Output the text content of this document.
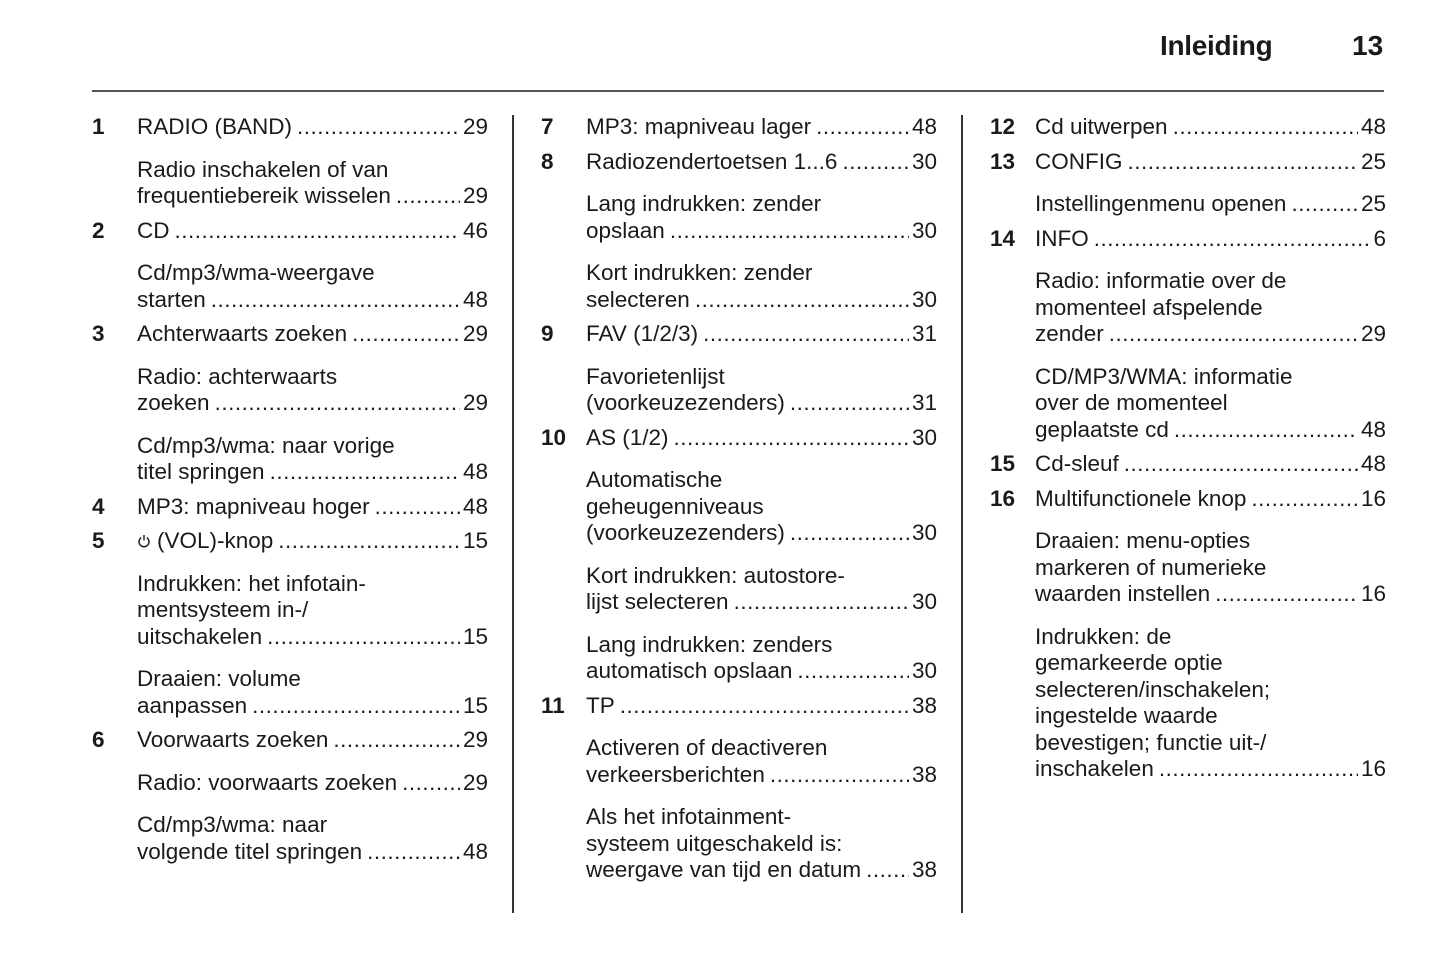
Inleiding	13
1	RADIO (BAND) .....	29
Radio inschakelen of van
frequentiebereik wisselen .....	29
2	CD .....	46
Cd/mp3/wma-weergave
starten .....	48
3	Achterwaarts zoeken .....	29
Radio: achterwaarts
zoeken .....	29
Cd/mp3/wma: naar vorige
titel springen .....	48
4	MP3: mapniveau hoger .....	48
5	(VOL)-knop .....	15
Indrukken: het infotain-
mentsysteem in-/
uitschakelen .....	15
Draaien: volume
aanpassen .....	15
6	Voorwaarts zoeken .....	29
Radio: voorwaarts zoeken .....	29
Cd/mp3/wma: naar
volgende titel springen .....	48
7	MP3: mapniveau lager .....	48
8	Radiozendertoetsen 1...6 .....	30
Lang indrukken: zender
opslaan .....	30
Kort indrukken: zender
selecteren .....	30
9	FAV (1/2/3) .....	31
Favorietenlijst
(voorkeuzezenders) .....	31
10 AS (1/2) .....	30
Automatische
geheugenniveaus
(voorkeuzezenders) .....	30
Kort indrukken: autostore-
lijst selecteren .....	30
Lang indrukken: zenders
automatisch opslaan .....	30
11 TP .....	38
Activeren of deactiveren
verkeersberichten .....	38
Als het infotainment-
systeem uitgeschakeld is:
weergave van tijd en datum ..... 38
12 Cd uitwerpen .....	48
13 CONFIG .....	25
Instellingenmenu openen .....	25
14 INFO .....	6
Radio: informatie over de
momenteel afspelende
zender .....	29
CD/MP3/WMA: informatie
over de momenteel
geplaatste cd .....	48
15 Cd-sleuf .....	48
16 Multifunctionele knop .....	16
Draaien: menu-opties
markeren of numerieke
waarden instellen .....	16
Indrukken: de
gemarkeerde optie
selecteren/inschakelen;
ingestelde waarde
bevestigen; functie uit-/
inschakelen .....	16
